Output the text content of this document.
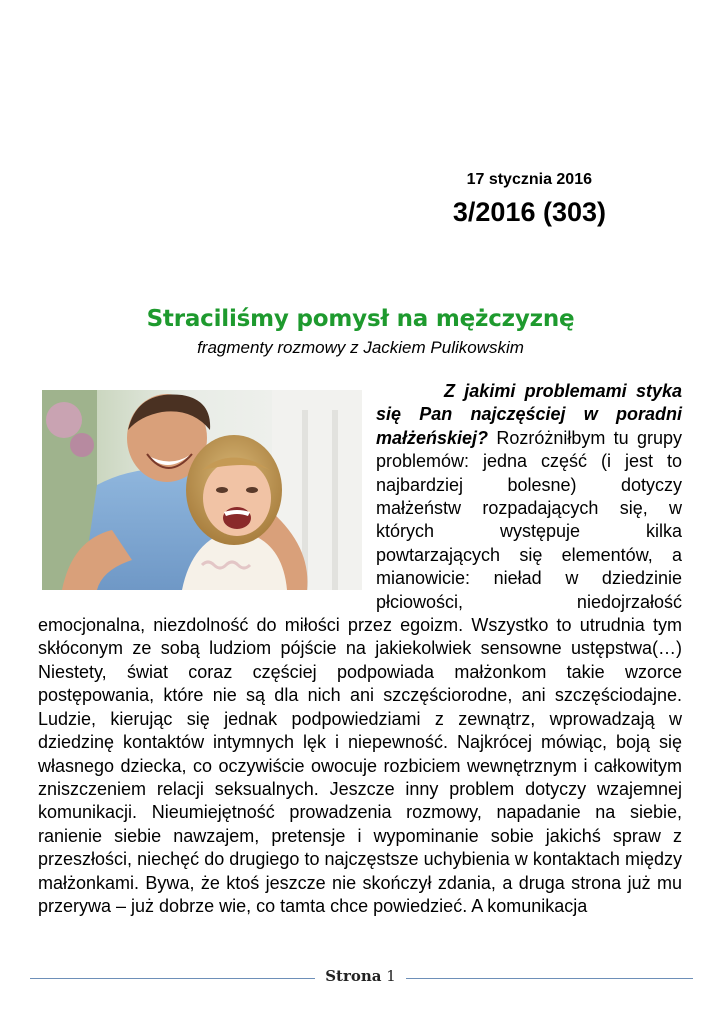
17 stycznia 2016
3/2016 (303)
Straciliśmy pomysł na mężczyznę
fragmenty rozmowy z Jackiem Pulikowskim
Z jakimi problemami styka się Pan najczęściej w poradni małżeńskiej? Rozróżniłbym tu grupy problemów: jedna część (i jest to najbardziej bolesne) dotyczy małżeństw rozpadających się, w których występuje kilka powtarzających się elementów, a mianowicie: nieład w dziedzinie płciowości, niedojrzałość emocjonalna, niezdolność do miłości przez egoizm. Wszystko to utrudnia tym skłóconym ze sobą ludziom pójście na jakiekolwiek sensowne ustępstwa(…) Niestety, świat coraz częściej podpowiada małżonkom takie wzorce postępowania, które nie są dla nich ani szczęściorodne, ani szczęściodajne. Ludzie, kierując się jednak podpowiedziami z zewnątrz, wprowadzają w dziedzinę kontaktów intymnych lęk i niepewność. Najkrócej mówiąc, boją się własnego dziecka, co oczywiście owocuje rozbiciem wewnętrznym i całkowitym zniszczeniem relacji seksualnych. Jeszcze inny problem dotyczy wzajemnej komunikacji. Nieumiejętność prowadzenia rozmowy, napadanie na siebie, ranienie siebie nawzajem, pretensje i wypominanie sobie jakichś spraw z przeszłości, niechęć do drugiego to najczęstsze uchybienia w kontaktach między małżonkami. Bywa, że ktoś jeszcze nie skończył zdania, a druga strona już mu przerywa – już dobrze wie, co tamta chce powiedzieć. A komunikacja
Strona 1
